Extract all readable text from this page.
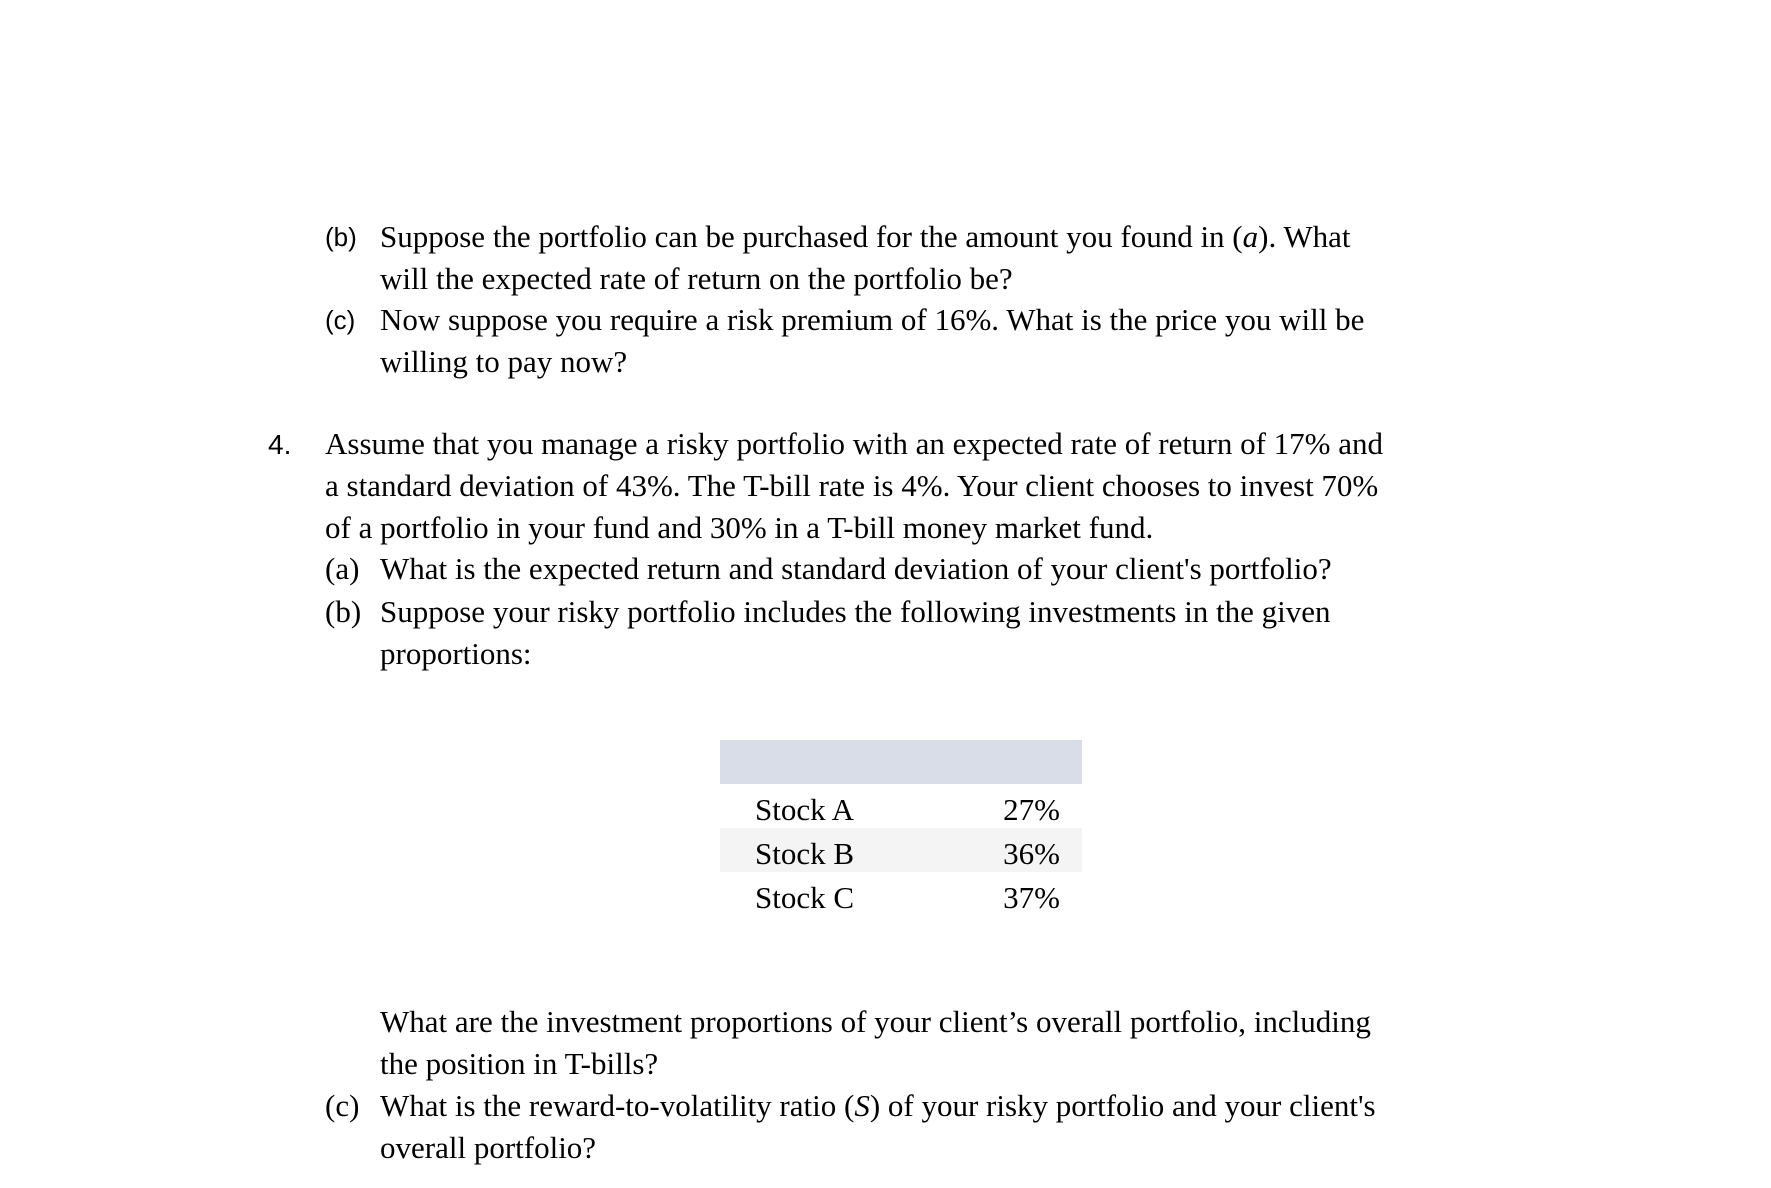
(b) Suppose the portfolio can be purchased for the amount you found in (a). What
will the expected rate of return on the portfolio be?
(c) Now suppose you require a risk premium of 16%. What is the price you will be
willing to pay now?
4. Assume that you manage a risky portfolio with an expected rate of return of 17% and
a standard deviation of 43%. The T-bill rate is 4%. Your client chooses to invest 70%
of a portfolio in your fund and 30% in a T-bill money market fund.
(a) What is the expected return and standard deviation of your client's portfolio?
(b) Suppose your risky portfolio includes the following investments in the given
proportions:
Stock A	27%
Stock B	36%
Stock C	37%
What are the investment proportions of your client’s overall portfolio, including
the position in T-bills?
(c) What is the reward-to-volatility ratio (S) of your risky portfolio and your client's
overall portfolio?
